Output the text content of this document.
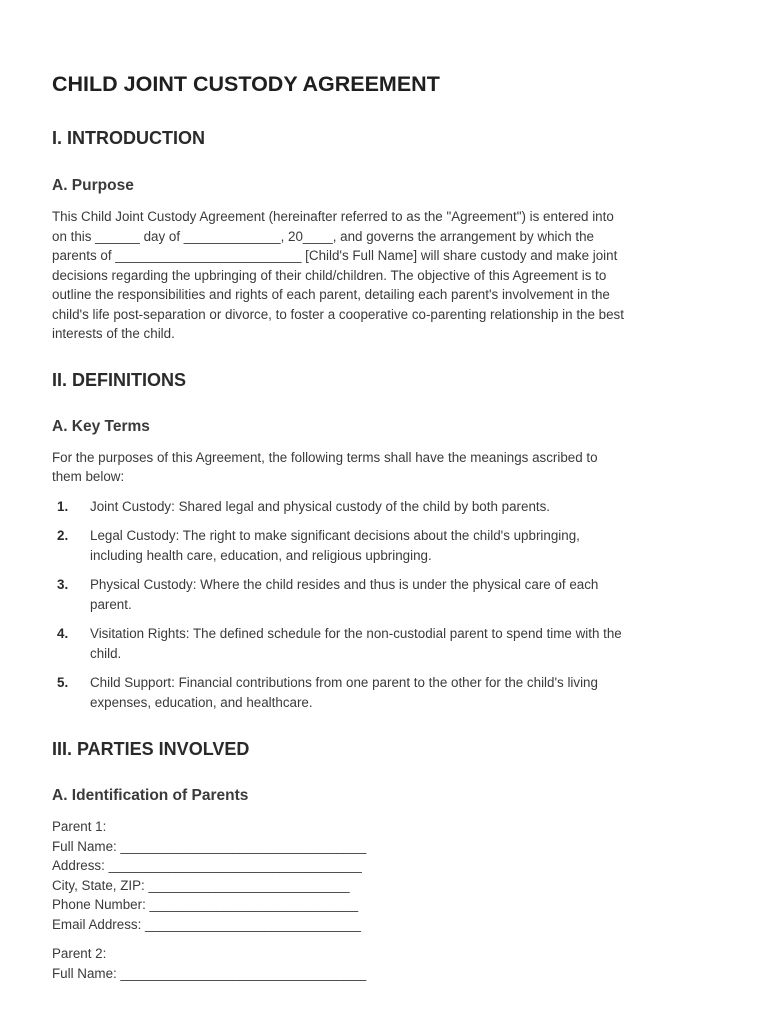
CHILD JOINT CUSTODY AGREEMENT
I. INTRODUCTION
A. Purpose
This Child Joint Custody Agreement (hereinafter referred to as the "Agreement") is entered into
on this ______ day of _____________, 20____, and governs the arrangement by which the
parents of _________________________ [Child's Full Name] will share custody and make joint
decisions regarding the upbringing of their child/children. The objective of this Agreement is to
outline the responsibilities and rights of each parent, detailing each parent's involvement in the
child's life post-separation or divorce, to foster a cooperative co-parenting relationship in the best
interests of the child.
II. DEFINITIONS
A. Key Terms
For the purposes of this Agreement, the following terms shall have the meanings ascribed to
them below:
1.	Joint Custody: Shared legal and physical custody of the child by both parents.
2.	Legal Custody: The right to make significant decisions about the child's upbringing,
including health care, education, and religious upbringing.
3.	Physical Custody: Where the child resides and thus is under the physical care of each
parent.
4.	Visitation Rights: The defined schedule for the non-custodial parent to spend time with the
child.
5.	Child Support: Financial contributions from one parent to the other for the child's living
expenses, education, and healthcare.
III. PARTIES INVOLVED
A. Identification of Parents
Parent 1:
Full Name: _________________________________
Address: __________________________________
City, State, ZIP: ___________________________
Phone Number: ____________________________
Email Address: _____________________________
Parent 2:
Full Name: _________________________________
